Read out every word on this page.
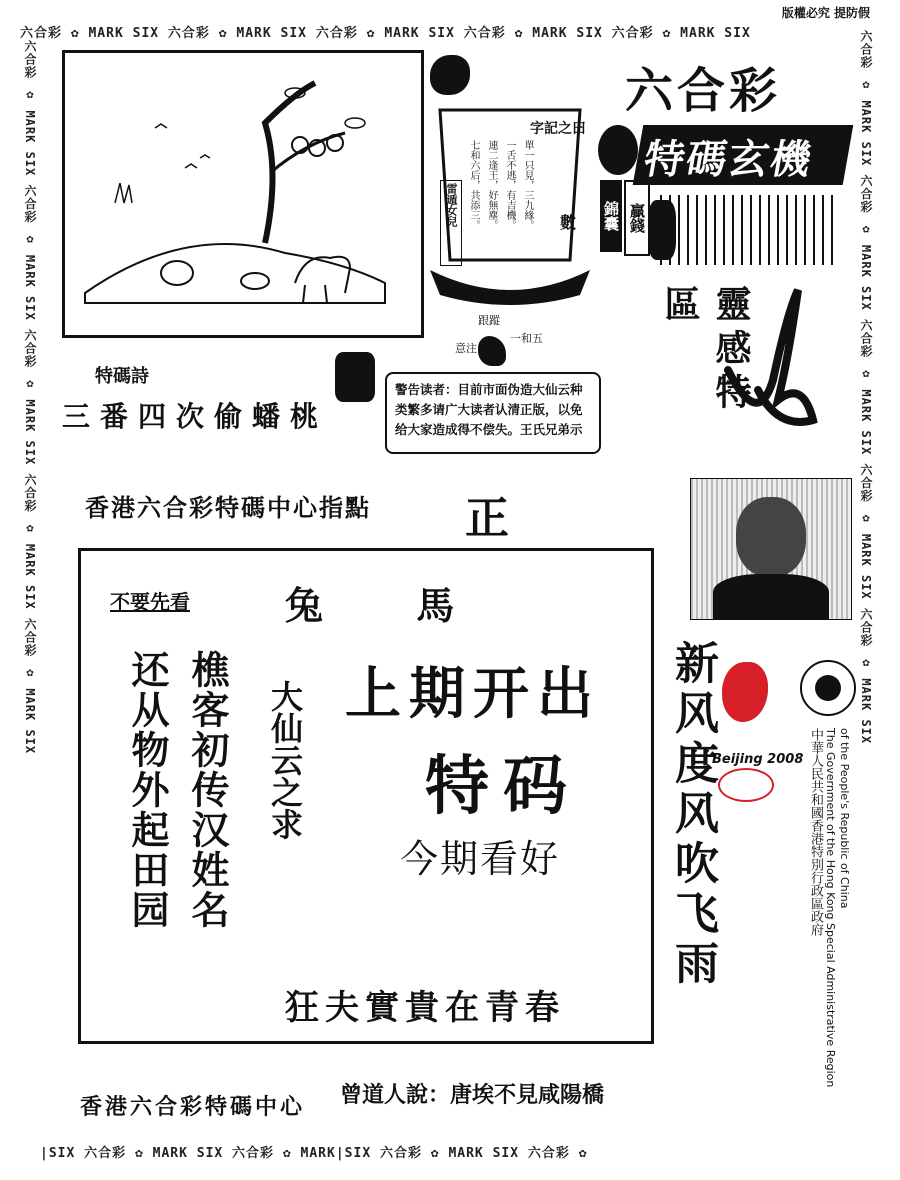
六合彩 ✿ MARK SIX 六合彩 ✿ MARK SIX 六合彩 ✿ MARK SIX 六合彩 ✿ MARK SIX 六合彩 ✿ MARK SIX
版權必究 提防假
六合彩 ✿ MARK SIX 六合彩 ✿ MARK SIX 六合彩 ✿ MARK SIX 六合彩 ✿ MARK SIX 六合彩 ✿ MARK SIX	六合彩 ✿ MARK SIX 六合彩 ✿ MARK SIX 六合彩 ✿ MARK SIX 六合彩 ✿ MARK SIX 六合彩 ✿ MARK SIX
字記之曰
數
七和六后，共添三。 連二逢王，好無塵。 一舌不逃，有吉機。 單一只見，三九緣。
雷遁女兒
跟蹤
一和五
意注
六合彩
特碼玄機
錦囊 贏錢
靈感特區
特碼詩
三番四次偷蟠桃
警告读者：目前市面伪造大仙云种类繁多请广大读者认清正版，以免给大家造成得不偿失。王氏兄弟示
香港六合彩特碼中心指點 正
不要先看	兔 馬
樵客初传汉姓名
还从物外起田园	大仙云之求 上期开出
特码
今期看好
狂夫實貴在青春
新风度风吹飞雨
Beijing 2008 中華人民共和國香港特別行政區政府 The Government of the Hong Kong Special Administrative Region of the People's Republic of China
香港六合彩特碼中心 曾道人說：唐埃不見咸陽橋
|SIX 六合彩 ✿ MARK SIX 六合彩 ✿ MARK|SIX 六合彩 ✿ MARK SIX 六合彩 ✿
